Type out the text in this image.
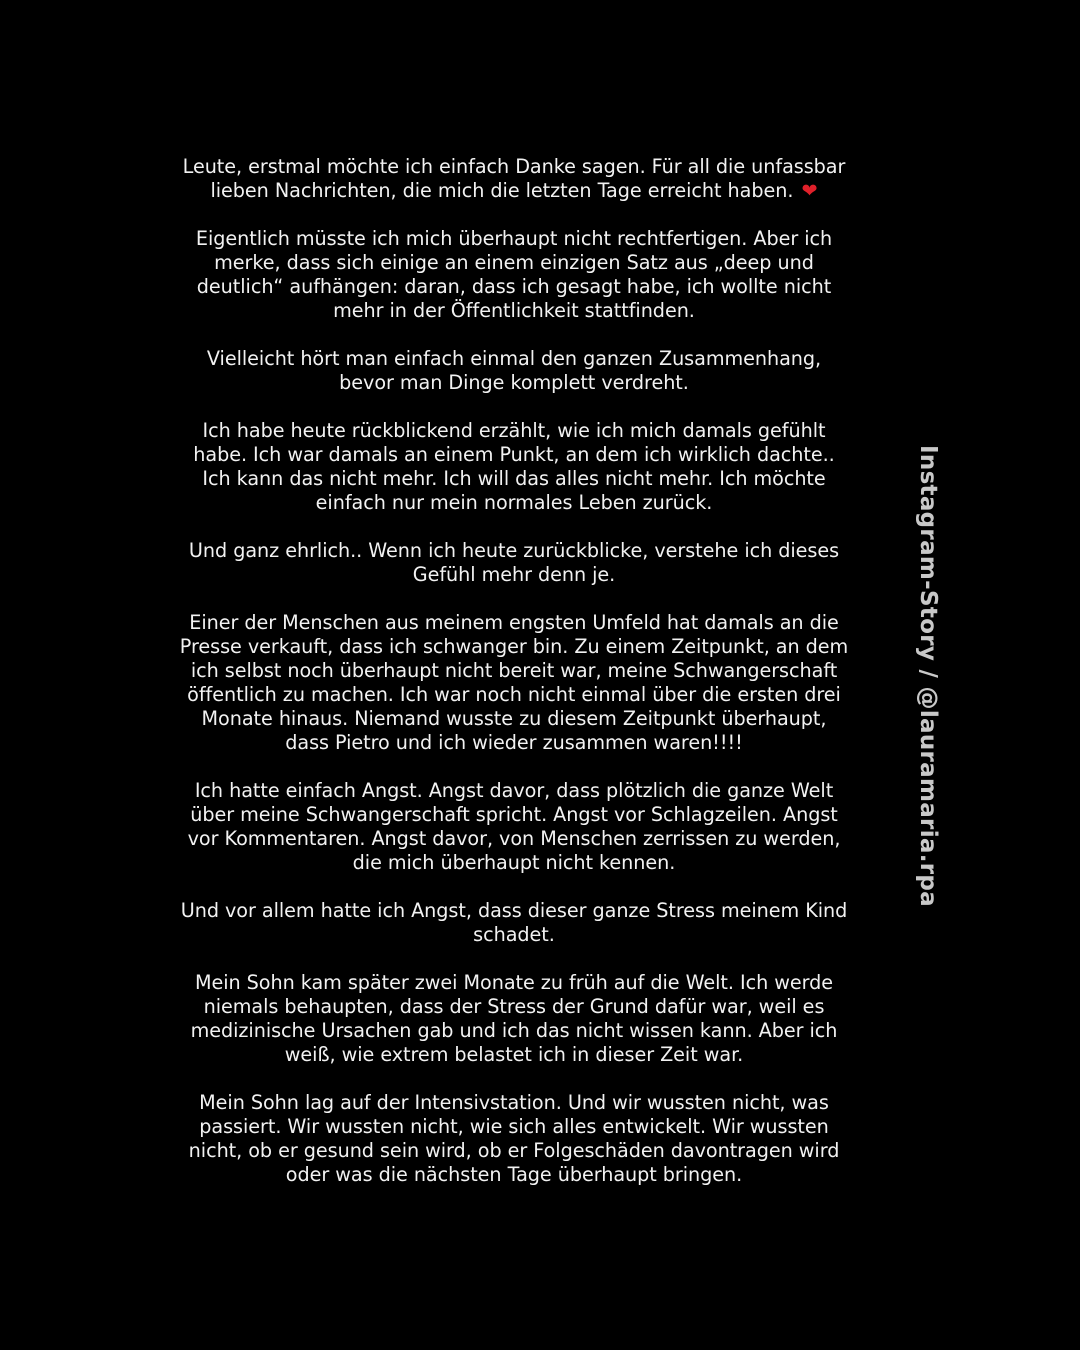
Leute, erstmal möchte ich einfach Danke sagen. Für all die unfassbar lieben Nachrichten, die mich die letzten Tage erreicht haben. ❤

Eigentlich müsste ich mich überhaupt nicht rechtfertigen. Aber ich merke, dass sich einige an einem einzigen Satz aus „deep und deutlich“ aufhängen: daran, dass ich gesagt habe, ich wollte nicht mehr in der Öffentlichkeit stattfinden.

Vielleicht hört man einfach einmal den ganzen Zusammenhang, bevor man Dinge komplett verdreht.

Ich habe heute rückblickend erzählt, wie ich mich damals gefühlt habe. Ich war damals an einem Punkt, an dem ich wirklich dachte.. Ich kann das nicht mehr. Ich will das alles nicht mehr. Ich möchte einfach nur mein normales Leben zurück.

Und ganz ehrlich.. Wenn ich heute zurückblicke, verstehe ich dieses Gefühl mehr denn je.

Einer der Menschen aus meinem engsten Umfeld hat damals an die Presse verkauft, dass ich schwanger bin. Zu einem Zeitpunkt, an dem ich selbst noch überhaupt nicht bereit war, meine Schwangerschaft öffentlich zu machen. Ich war noch nicht einmal über die ersten drei Monate hinaus. Niemand wusste zu diesem Zeitpunkt überhaupt, dass Pietro und ich wieder zusammen waren!!!!

Ich hatte einfach Angst. Angst davor, dass plötzlich die ganze Welt über meine Schwangerschaft spricht. Angst vor Schlagzeilen. Angst vor Kommentaren. Angst davor, von Menschen zerrissen zu werden, die mich überhaupt nicht kennen.

Und vor allem hatte ich Angst, dass dieser ganze Stress meinem Kind schadet.

Mein Sohn kam später zwei Monate zu früh auf die Welt. Ich werde niemals behaupten, dass der Stress der Grund dafür war, weil es medizinische Ursachen gab und ich das nicht wissen kann. Aber ich weiß, wie extrem belastet ich in dieser Zeit war.

Mein Sohn lag auf der Intensivstation. Und wir wussten nicht, was passiert. Wir wussten nicht, wie sich alles entwickelt. Wir wussten nicht, ob er gesund sein wird, ob er Folgeschäden davontragen wird oder was die nächsten Tage überhaupt bringen.

Instagram-Story / @lauramaria.rpa
